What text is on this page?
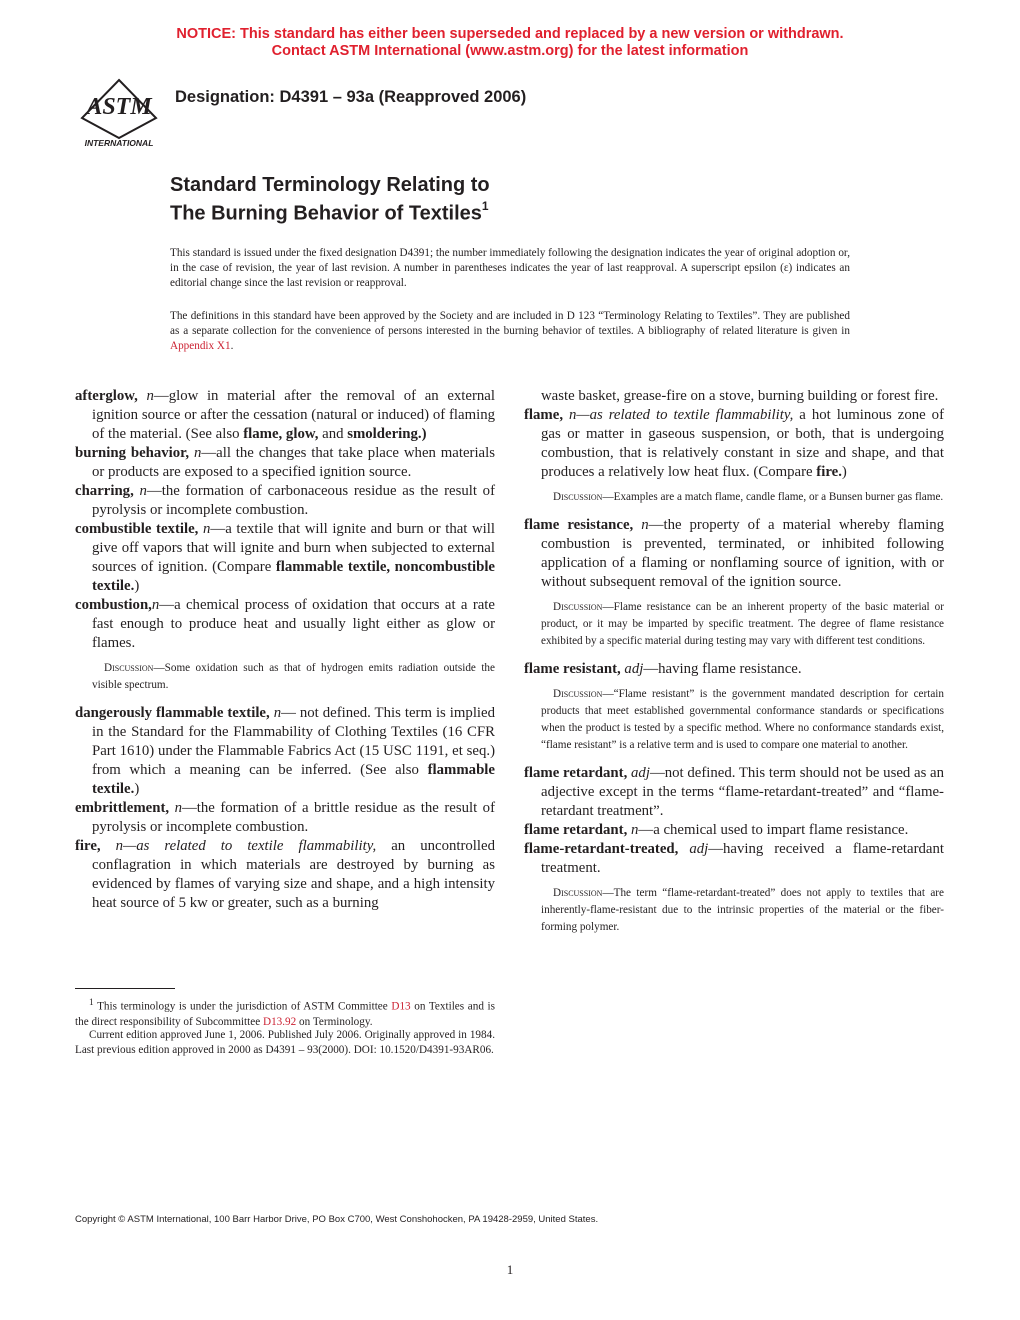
NOTICE: This standard has either been superseded and replaced by a new version or withdrawn.
Contact ASTM International (www.astm.org) for the latest information
ASTM
INTERNATIONAL
Designation: D4391 – 93a (Reapproved 2006)
Standard Terminology Relating to
The Burning Behavior of Textiles$^1$
This standard is issued under the fixed designation D4391; the number immediately following the designation indicates the year of original adoption or, in the case of revision, the year of last revision. A number in parentheses indicates the year of last reapproval. A superscript epsilon (ε) indicates an editorial change since the last revision or reapproval.
The definitions in this standard have been approved by the Society and are included in D 123 “Terminology Relating to Textiles”. They are published as a separate collection for the convenience of persons interested in the burning behavior of textiles. A bibliography of related literature is given in Appendix X1.

afterglow, n—glow in material after the removal of an external ignition source or after the cessation (natural or induced) of flaming of the material. (See also flame, glow, and smoldering.)

burning behavior, n—all the changes that take place when materials or products are exposed to a specified ignition source.

charring, n—the formation of carbonaceous residue as the result of pyrolysis or incomplete combustion.

combustible textile, n—a textile that will ignite and burn or that will give off vapors that will ignite and burn when subjected to external sources of ignition. (Compare flammable textile, noncombustible textile.)

combustion,n—a chemical process of oxidation that occurs at a rate fast enough to produce heat and usually light either as glow or flames.

Discussion—Some oxidation such as that of hydrogen emits radiation outside the visible spectrum.

dangerously flammable textile, n— not defined. This term is implied in the Standard for the Flammability of Clothing Textiles (16 CFR Part 1610) under the Flammable Fabrics Act (15 USC 1191, et seq.) from which a meaning can be inferred. (See also flammable textile.)

embrittlement, n—the formation of a brittle residue as the result of pyrolysis or incomplete combustion.

fire, n—as related to textile flammability, an uncontrolled conflagration in which materials are destroyed by burning as evidenced by flames of varying size and shape, and a high intensity heat source of 5 kw or greater, such as a burning

waste basket, grease-fire on a stove, burning building or forest fire.

flame, n—as related to textile flammability, a hot luminous zone of gas or matter in gaseous suspension, or both, that is undergoing combustion, that is relatively constant in size and shape, and that produces a relatively low heat flux. (Compare fire.)

Discussion—Examples are a match flame, candle flame, or a Bunsen burner gas flame.

flame resistance, n—the property of a material whereby flaming combustion is prevented, terminated, or inhibited following application of a flaming or nonflaming source of ignition, with or without subsequent removal of the ignition source.

Discussion—Flame resistance can be an inherent property of the basic material or product, or it may be imparted by specific treatment. The degree of flame resistance exhibited by a specific material during testing may vary with different test conditions.

flame resistant, adj—having flame resistance.

Discussion—“Flame resistant” is the government mandated description for certain products that meet established governmental conformance standards or specifications when the product is tested by a specific method. Where no conformance standards exist, “flame resistant” is a relative term and is used to compare one material to another.

flame retardant, adj—not defined. This term should not be used as an adjective except in the terms “flame-retardant-treated” and “flame-retardant treatment”.

flame retardant, n—a chemical used to impart flame resistance.

flame-retardant-treated, adj—having received a flame-retardant treatment.

Discussion—The term “flame-retardant-treated” does not apply to textiles that are inherently-flame-resistant due to the intrinsic properties of the material or the fiber-forming polymer.

$^1$ This terminology is under the jurisdiction of ASTM Committee D13 on Textiles and is the direct responsibility of Subcommittee D13.92 on Terminology.
Current edition approved June 1, 2006. Published July 2006. Originally approved in 1984. Last previous edition approved in 2000 as D4391 – 93(2000). DOI: 10.1520/D4391-93AR06.
Copyright © ASTM International, 100 Barr Harbor Drive, PO Box C700, West Conshohocken, PA 19428-2959, United States.
1
